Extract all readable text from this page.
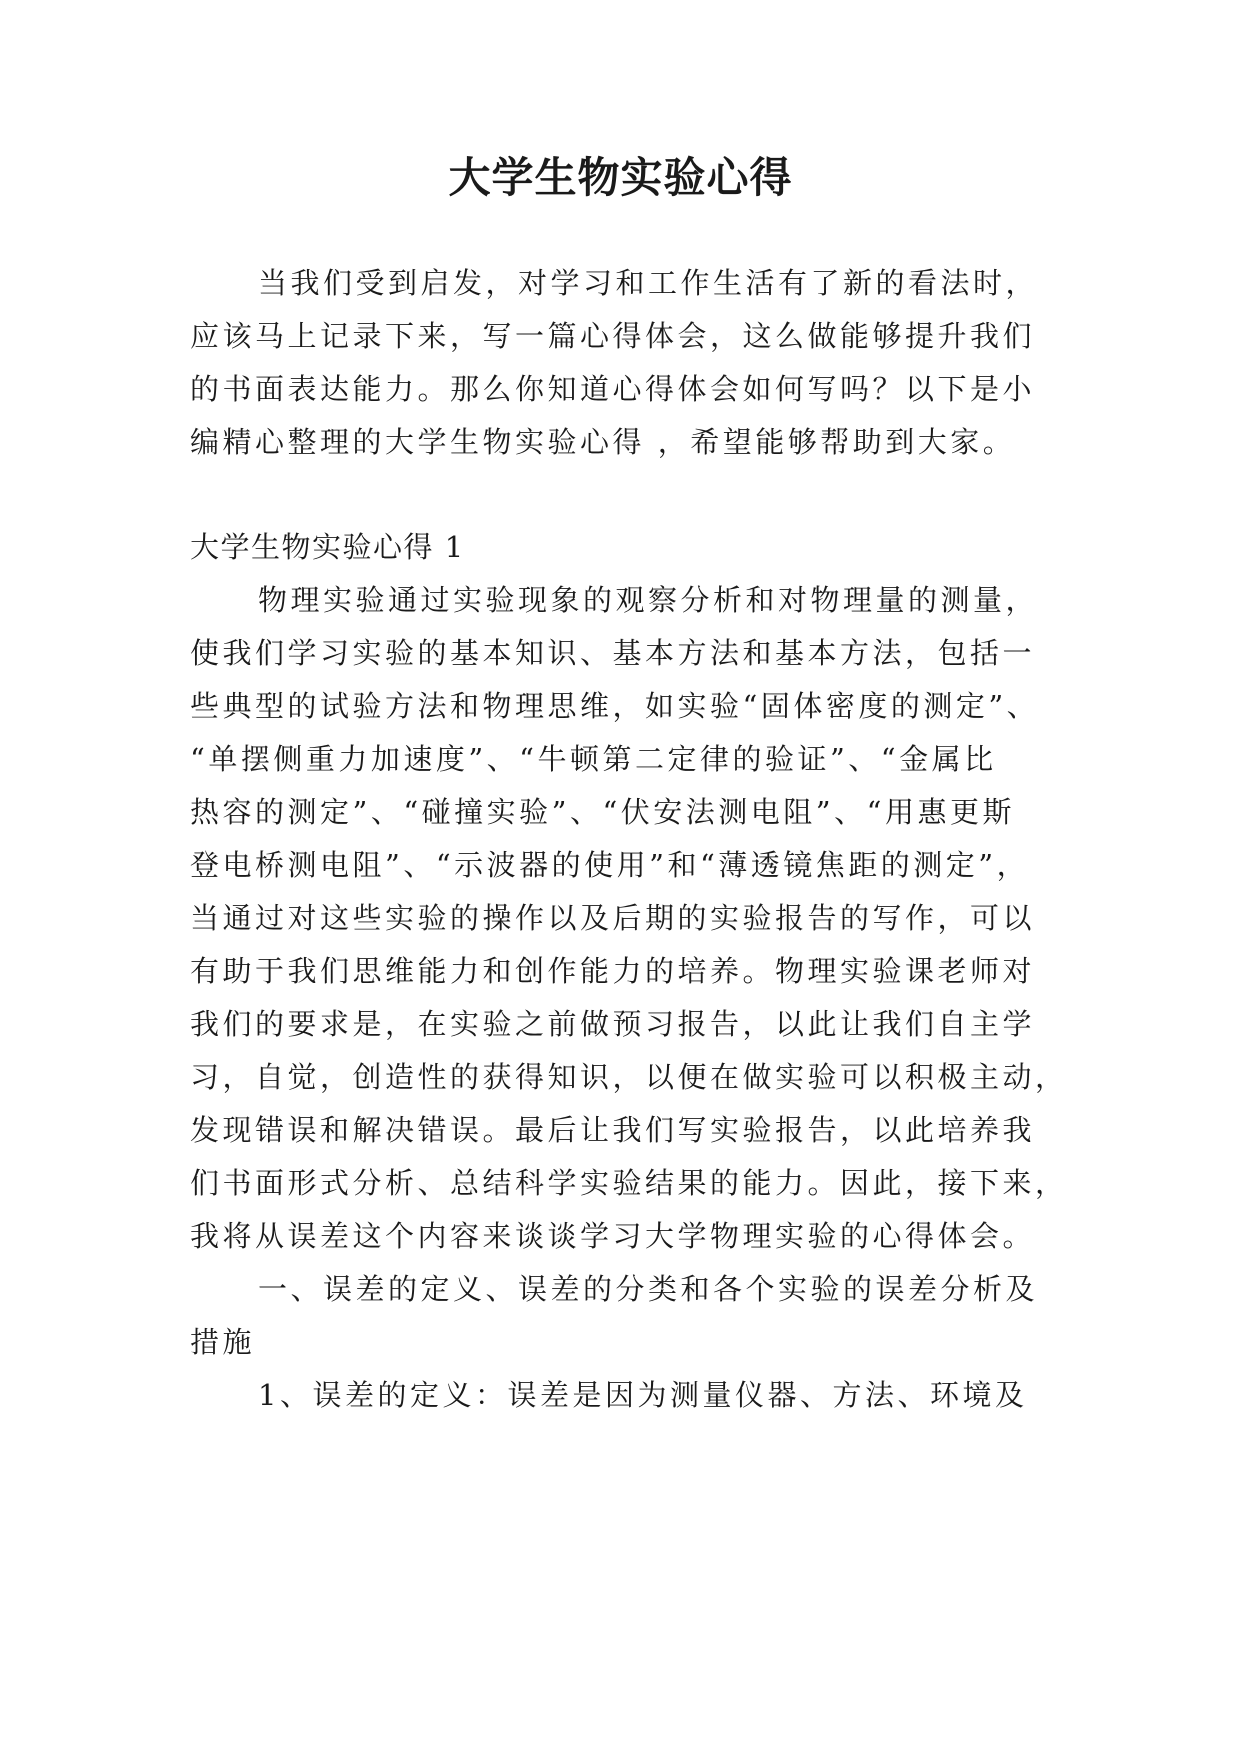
大学生物实验心得
当我们受到启发，对学习和工作生活有了新的看法时，
应该马上记录下来，写一篇心得体会，这么做能够提升我们
的书面表达能力。那么你知道心得体会如何写吗？以下是小
编精心整理的大学生物实验心得 ，希望能够帮助到大家。
大学生物实验心得 1
物理实验通过实验现象的观察分析和对物理量的测量，
使我们学习实验的基本知识、基本方法和基本方法，包括一
些典型的试验方法和物理思维，如实验“固体密度的测定”、
“单摆侧重力加速度”、“牛顿第二定律的验证”、“金属比
热容的测定”、“碰撞实验”、“伏安法测电阻”、“用惠更斯
登电桥测电阻”、“示波器的使用”和“薄透镜焦距的测定”，
当通过对这些实验的操作以及后期的实验报告的写作，可以
有助于我们思维能力和创作能力的培养。物理实验课老师对
我们的要求是，在实验之前做预习报告，以此让我们自主学
习，自觉，创造性的获得知识，以便在做实验可以积极主动，
发现错误和解决错误。最后让我们写实验报告，以此培养我
们书面形式分析、总结科学实验结果的能力。因此，接下来，
我将从误差这个内容来谈谈学习大学物理实验的心得体会。
一、误差的定义、误差的分类和各个实验的误差分析及
措施
1、误差的定义：误差是因为测量仪器、方法、环境及
